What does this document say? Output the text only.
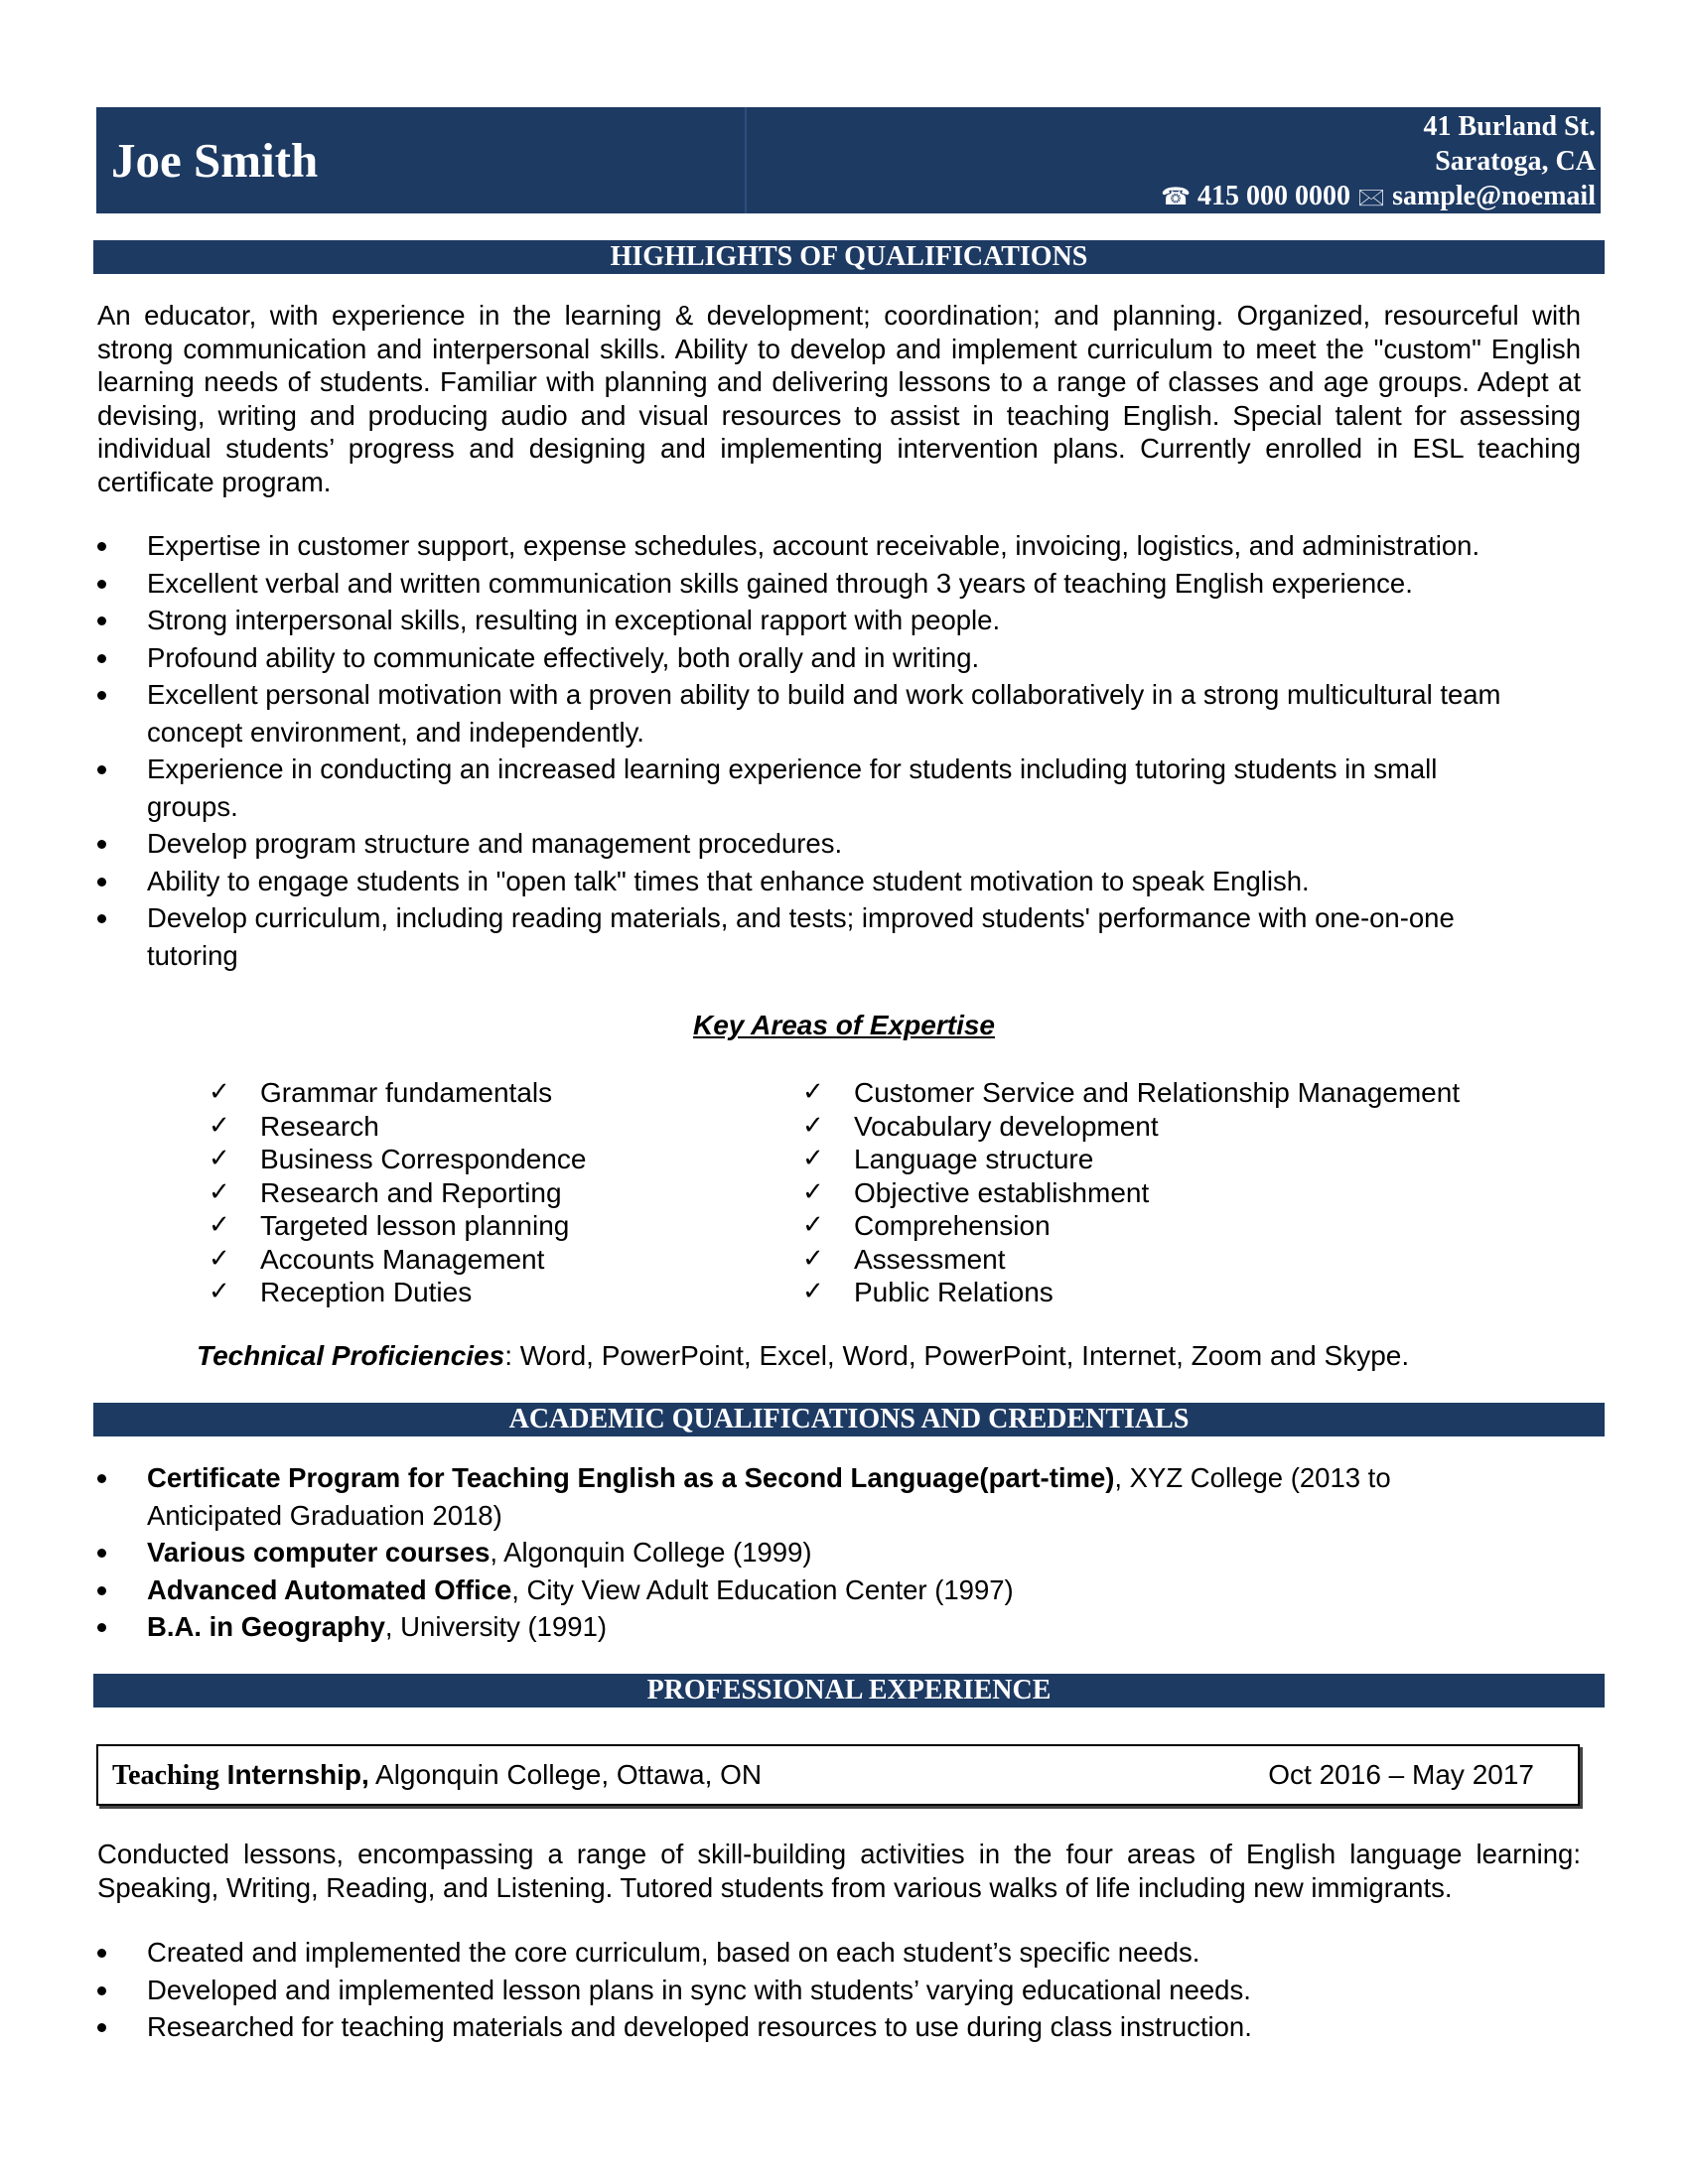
Joe Smith
41 Burland St.
Saratoga, CA
☎ 415 000 0000 🖂 sample@noemail
HIGHLIGHTS OF QUALIFICATIONS
An educator, with experience in the learning & development; coordination; and planning. Organized, resourceful with strong communication and interpersonal skills. Ability to develop and implement curriculum to meet the "custom" English learning needs of students. Familiar with planning and delivering lessons to a range of classes and age groups. Adept at devising, writing and producing audio and visual resources to assist in teaching English. Special talent for assessing individual students’ progress and designing and implementing intervention plans. Currently enrolled in ESL teaching certificate program.
Expertise in customer support, expense schedules, account receivable, invoicing, logistics, and administration.
Excellent verbal and written communication skills gained through 3 years of teaching English experience.
Strong interpersonal skills, resulting in exceptional rapport with people.
Profound ability to communicate effectively, both orally and in writing.
Excellent personal motivation with a proven ability to build and work collaboratively in a strong multicultural team
concept environment, and independently.
Experience in conducting an increased learning experience for students including tutoring students in small
groups.
Develop program structure and management procedures.
Ability to engage students in "open talk" times that enhance student motivation to speak English.
Develop curriculum, including reading materials, and tests; improved students' performance with one-on-one
tutoring
Key Areas of Expertise
✓ Grammar fundamentals
✓ Research
✓ Business Correspondence
✓ Research and Reporting
✓ Targeted lesson planning
✓ Accounts Management
✓ Reception Duties
✓ Customer Service and Relationship Management
✓ Vocabulary development
✓ Language structure
✓ Objective establishment
✓ Comprehension
✓ Assessment
✓ Public Relations
Technical Proficiencies: Word, PowerPoint, Excel, Word, PowerPoint, Internet, Zoom and Skype.
ACADEMIC QUALIFICATIONS AND CREDENTIALS
Certificate Program for Teaching English as a Second Language(part-time), XYZ College (2013 to
Anticipated Graduation 2018)
Various computer courses, Algonquin College (1999)
Advanced Automated Office, City View Adult Education Center (1997)
B.A. in Geography, University (1991)
PROFESSIONAL EXPERIENCE
Teaching Internship, Algonquin College, Ottawa, ON	Oct 2016 – May 2017
Conducted lessons, encompassing a range of skill-building activities in the four areas of English language learning: Speaking, Writing, Reading, and Listening. Tutored students from various walks of life including new immigrants.
Created and implemented the core curriculum, based on each student’s specific needs.
Developed and implemented lesson plans in sync with students’ varying educational needs.
Researched for teaching materials and developed resources to use during class instruction.
